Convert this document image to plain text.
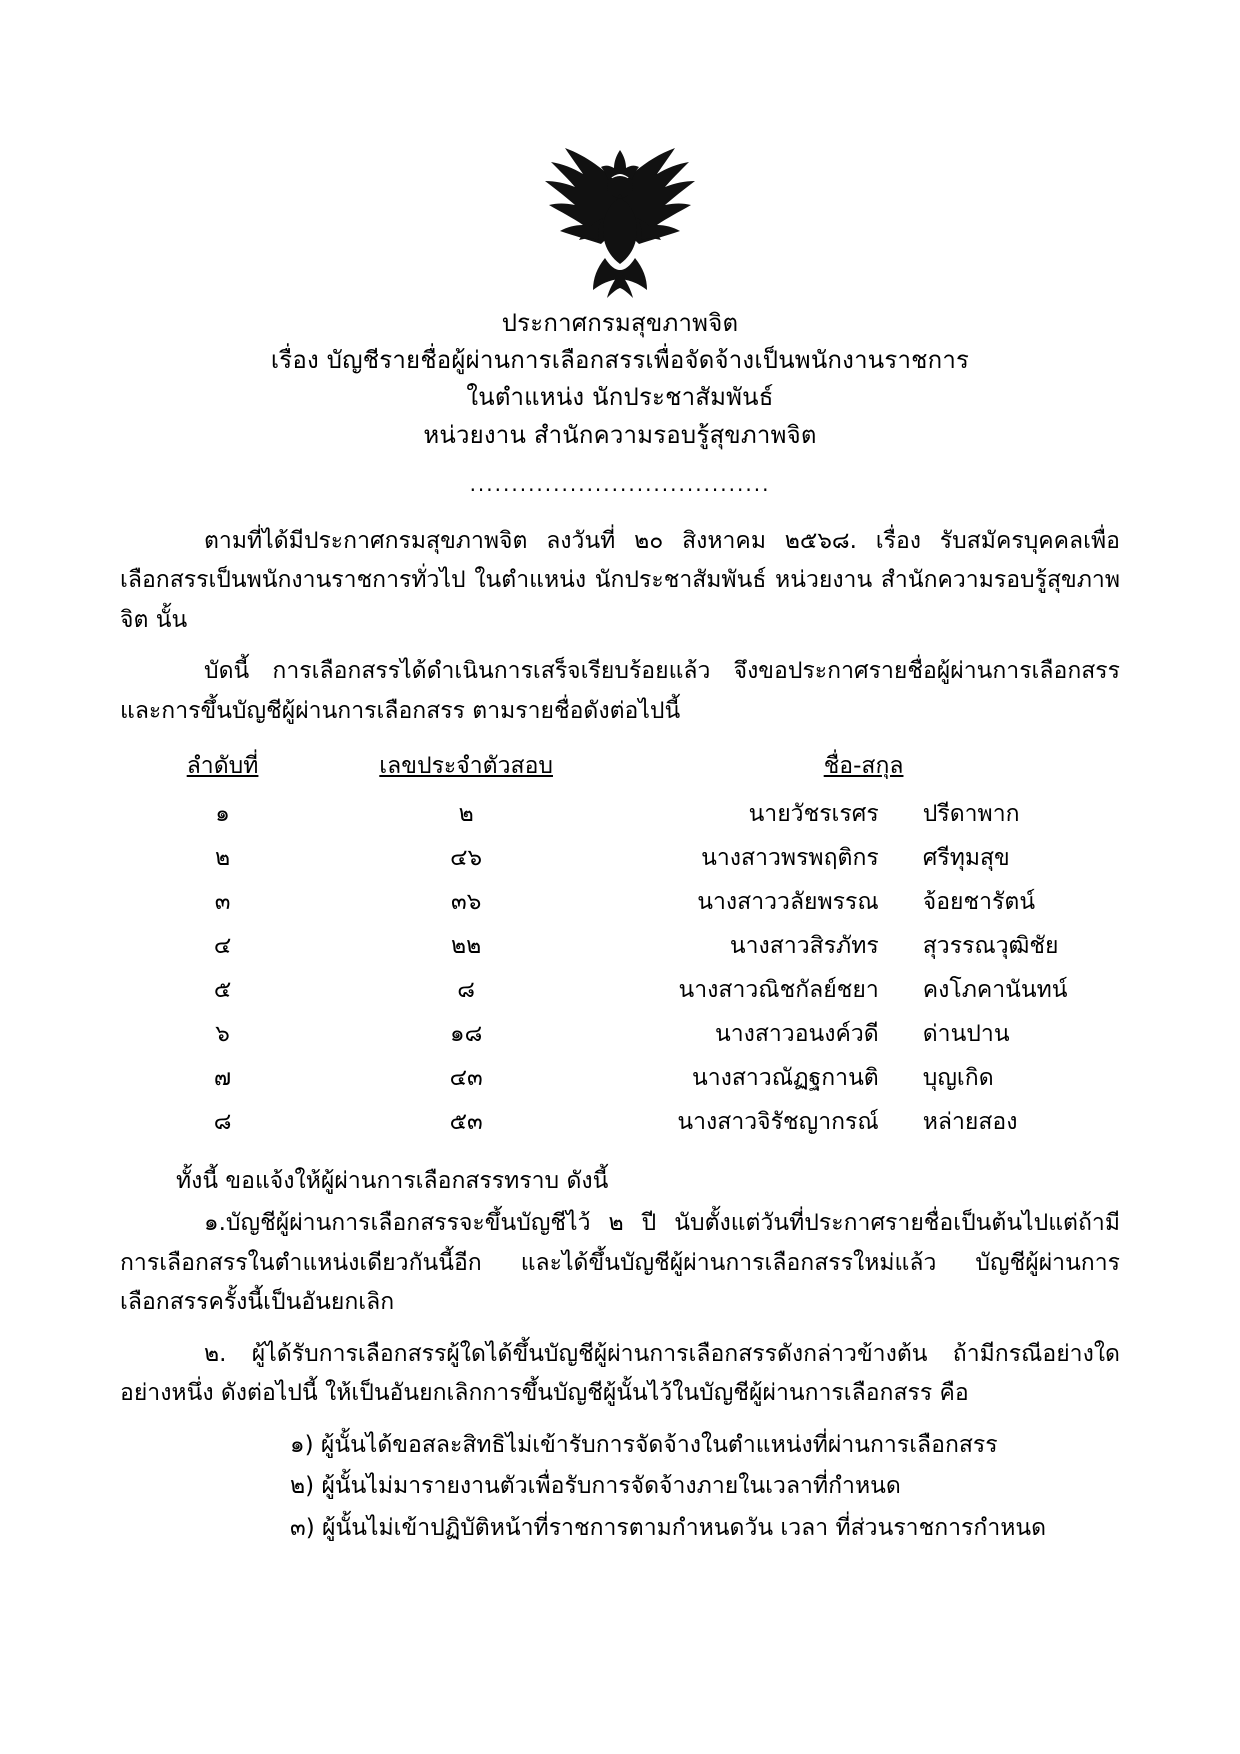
ประกาศกรมสุขภาพจิต
เรื่อง บัญชีรายชื่อผู้ผ่านการเลือกสรรเพื่อจัดจ้างเป็นพนักงานราชการ
ในตำแหน่ง นักประชาสัมพันธ์
หน่วยงาน สำนักความรอบรู้สุขภาพจิต
....................................

ตามที่ได้มีประกาศกรมสุขภาพจิต ลงวันที่ ๒๐ สิงหาคม ๒๕๖๘. เรื่อง รับสมัครบุคคลเพื่อเลือกสรรเป็นพนักงานราชการทั่วไป ในตำแหน่ง นักประชาสัมพันธ์ หน่วยงาน สำนักความรอบรู้สุขภาพจิต นั้น

บัดนี้ การเลือกสรรได้ดำเนินการเสร็จเรียบร้อยแล้ว จึงขอประกาศรายชื่อผู้ผ่านการเลือกสรรและการขึ้นบัญชีผู้ผ่านการเลือกสรร ตามรายชื่อดังต่อไปนี้

ลำดับที่	เลขประจำตัวสอบ	ชื่อ-สกุล	
๑	๒	นายวัชรเรศร	ปรีดาพาก
๒	๔๖	นางสาวพรพฤติกร	ศรีทุมสุข
๓	๓๖	นางสาววลัยพรรณ	จ้อยชารัตน์
๔	๒๒	นางสาวสิรภัทร	สุวรรณวุฒิชัย
๕	๘	นางสาวณิชกัลย์ชยา	คงโภคานันทน์
๖	๑๘	นางสาวอนงค์วดี	ด่านปาน
๗	๔๓	นางสาวณัฏฐกานติ	บุญเกิด
๘	๕๓	นางสาวจิรัชญากรณ์	หล่ายสอง

ทั้งนี้ ขอแจ้งให้ผู้ผ่านการเลือกสรรทราบ ดังนี้

๑.บัญชีผู้ผ่านการเลือกสรรจะขึ้นบัญชีไว้ ๒ ปี นับตั้งแต่วันที่ประกาศรายชื่อเป็นต้นไปแต่ถ้ามีการเลือกสรรในตำแหน่งเดียวกันนี้อีก และได้ขึ้นบัญชีผู้ผ่านการเลือกสรรใหม่แล้ว บัญชีผู้ผ่านการเลือกสรรครั้งนี้เป็นอันยกเลิก

๒. ผู้ได้รับการเลือกสรรผู้ใดได้ขึ้นบัญชีผู้ผ่านการเลือกสรรดังกล่าวข้างต้น ถ้ามีกรณีอย่างใดอย่างหนึ่ง ดังต่อไปนี้ ให้เป็นอันยกเลิกการขึ้นบัญชีผู้นั้นไว้ในบัญชีผู้ผ่านการเลือกสรร คือ

๑) ผู้นั้นได้ขอสละสิทธิไม่เข้ารับการจัดจ้างในตำแหน่งที่ผ่านการเลือกสรร
๒) ผู้นั้นไม่มารายงานตัวเพื่อรับการจัดจ้างภายในเวลาที่กำหนด
๓) ผู้นั้นไม่เข้าปฏิบัติหน้าที่ราชการตามกำหนดวัน เวลา ที่ส่วนราชการกำหนด
